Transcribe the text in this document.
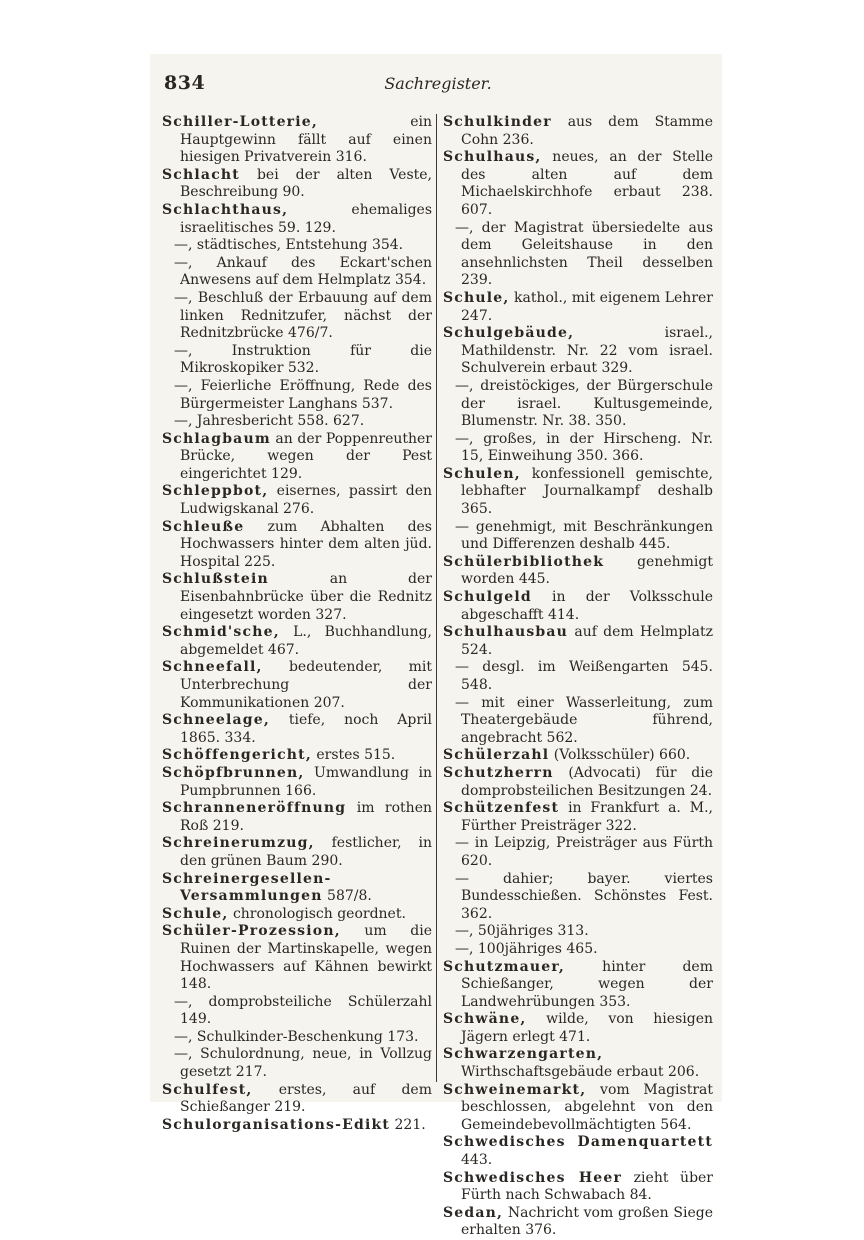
834	Sachregister.

Schiller-Lotterie, ein Hauptgewinn fällt auf einen hiesigen Privatverein 316.

Schlacht bei der alten Veste, Beschreibung 90.

Schlachthaus, ehemaliges israelitisches 59. 129.

—, städtisches, Entstehung 354.

—, Ankauf des Eckart'schen Anwesens auf dem Helmplatz 354.

—, Beschluß der Erbauung auf dem linken Rednitzufer, nächst der Rednitzbrücke 476/7.

—, Instruktion für die Mikroskopiker 532.

—, Feierliche Eröffnung, Rede des Bürgermeister Langhans 537.

—, Jahresbericht 558. 627.

Schlagbaum an der Poppenreuther Brücke, wegen der Pest eingerichtet 129.

Schleppbot, eisernes, passirt den Ludwigskanal 276.

Schleuße zum Abhalten des Hochwassers hinter dem alten jüd. Hospital 225.

Schlußstein an der Eisenbahnbrücke über die Rednitz eingesetzt worden 327.

Schmid'sche, L., Buchhandlung, abgemeldet 467.

Schneefall, bedeutender, mit Unterbrechung der Kommunikationen 207.

Schneelage, tiefe, noch April 1865. 334.

Schöffengericht, erstes 515.

Schöpfbrunnen, Umwandlung in Pumpbrunnen 166.

Schranneneröffnung im rothen Roß 219.

Schreinerumzug, festlicher, in den grünen Baum 290.

Schreinergesellen-Versammlungen 587/8.

Schule, chronologisch geordnet.

Schüler-Prozession, um die Ruinen der Martinskapelle, wegen Hochwassers auf Kähnen bewirkt 148.

—, domprobsteiliche Schülerzahl 149.

—, Schulkinder-Beschenkung 173.

—, Schulordnung, neue, in Vollzug gesetzt 217.

Schulfest, erstes, auf dem Schießanger 219.

Schulorganisations-Edikt 221.

Schulkinder aus dem Stamme Cohn 236.

Schulhaus, neues, an der Stelle des alten auf dem Michaelskirchhofe erbaut 238. 607.

—, der Magistrat übersiedelte aus dem Geleitshause in den ansehnlichsten Theil desselben 239.

Schule, kathol., mit eigenem Lehrer 247.

Schulgebäude, israel., Mathildenstr. Nr. 22 vom israel. Schulverein erbaut 329.

—, dreistöckiges, der Bürgerschule der israel. Kultusgemeinde, Blumenstr. Nr. 38. 350.

—, großes, in der Hirscheng. Nr. 15, Einweihung 350. 366.

Schulen, konfessionell gemischte, lebhafter Journalkampf deshalb 365.

— genehmigt, mit Beschränkungen und Differenzen deshalb 445.

Schülerbibliothek genehmigt worden 445.

Schulgeld in der Volksschule abgeschafft 414.

Schulhausbau auf dem Helmplatz 524.

— desgl. im Weißengarten 545. 548.

— mit einer Wasserleitung, zum Theatergebäude führend, angebracht 562.

Schülerzahl (Volksschüler) 660.

Schutzherrn (Advocati) für die domprobsteilichen Besitzungen 24.

Schützenfest in Frankfurt a. M., Fürther Preisträger 322.

— in Leipzig, Preisträger aus Fürth 620.

— dahier; bayer. viertes Bundesschießen. Schönstes Fest. 362.

—, 50jähriges 313.

—, 100jähriges 465.

Schutzmauer, hinter dem Schießanger, wegen der Landwehrübungen 353.

Schwäne, wilde, von hiesigen Jägern erlegt 471.

Schwarzengarten, Wirthschaftsgebäude erbaut 206.

Schweinemarkt, vom Magistrat beschlossen, abgelehnt von den Gemeindebevollmächtigten 564.

Schwedisches Damenquartett 443.

Schwedisches Heer zieht über Fürth nach Schwabach 84.

Sedan, Nachricht vom großen Siege erhalten 376.
